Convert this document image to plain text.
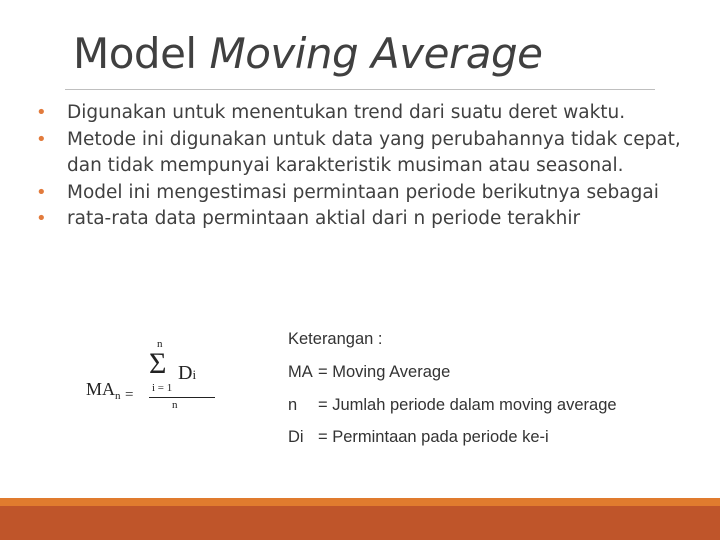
Model Moving Average
• Digunakan untuk menentukan trend dari suatu deret waktu.
• Metode ini digunakan untuk data yang perubahannya tidak cepat, dan tidak mempunyai karakteristik musiman atau seasonal.
• Model ini mengestimasi permintaan periode berikutnya sebagai
• rata-rata data permintaan aktial dari n periode terakhir
$MA_n$ $_=$
n
Σ Di
i = 1
n
Keterangan :
MA = Moving Average
n = Jumlah periode dalam moving average
Di = Permintaan pada periode ke-i
